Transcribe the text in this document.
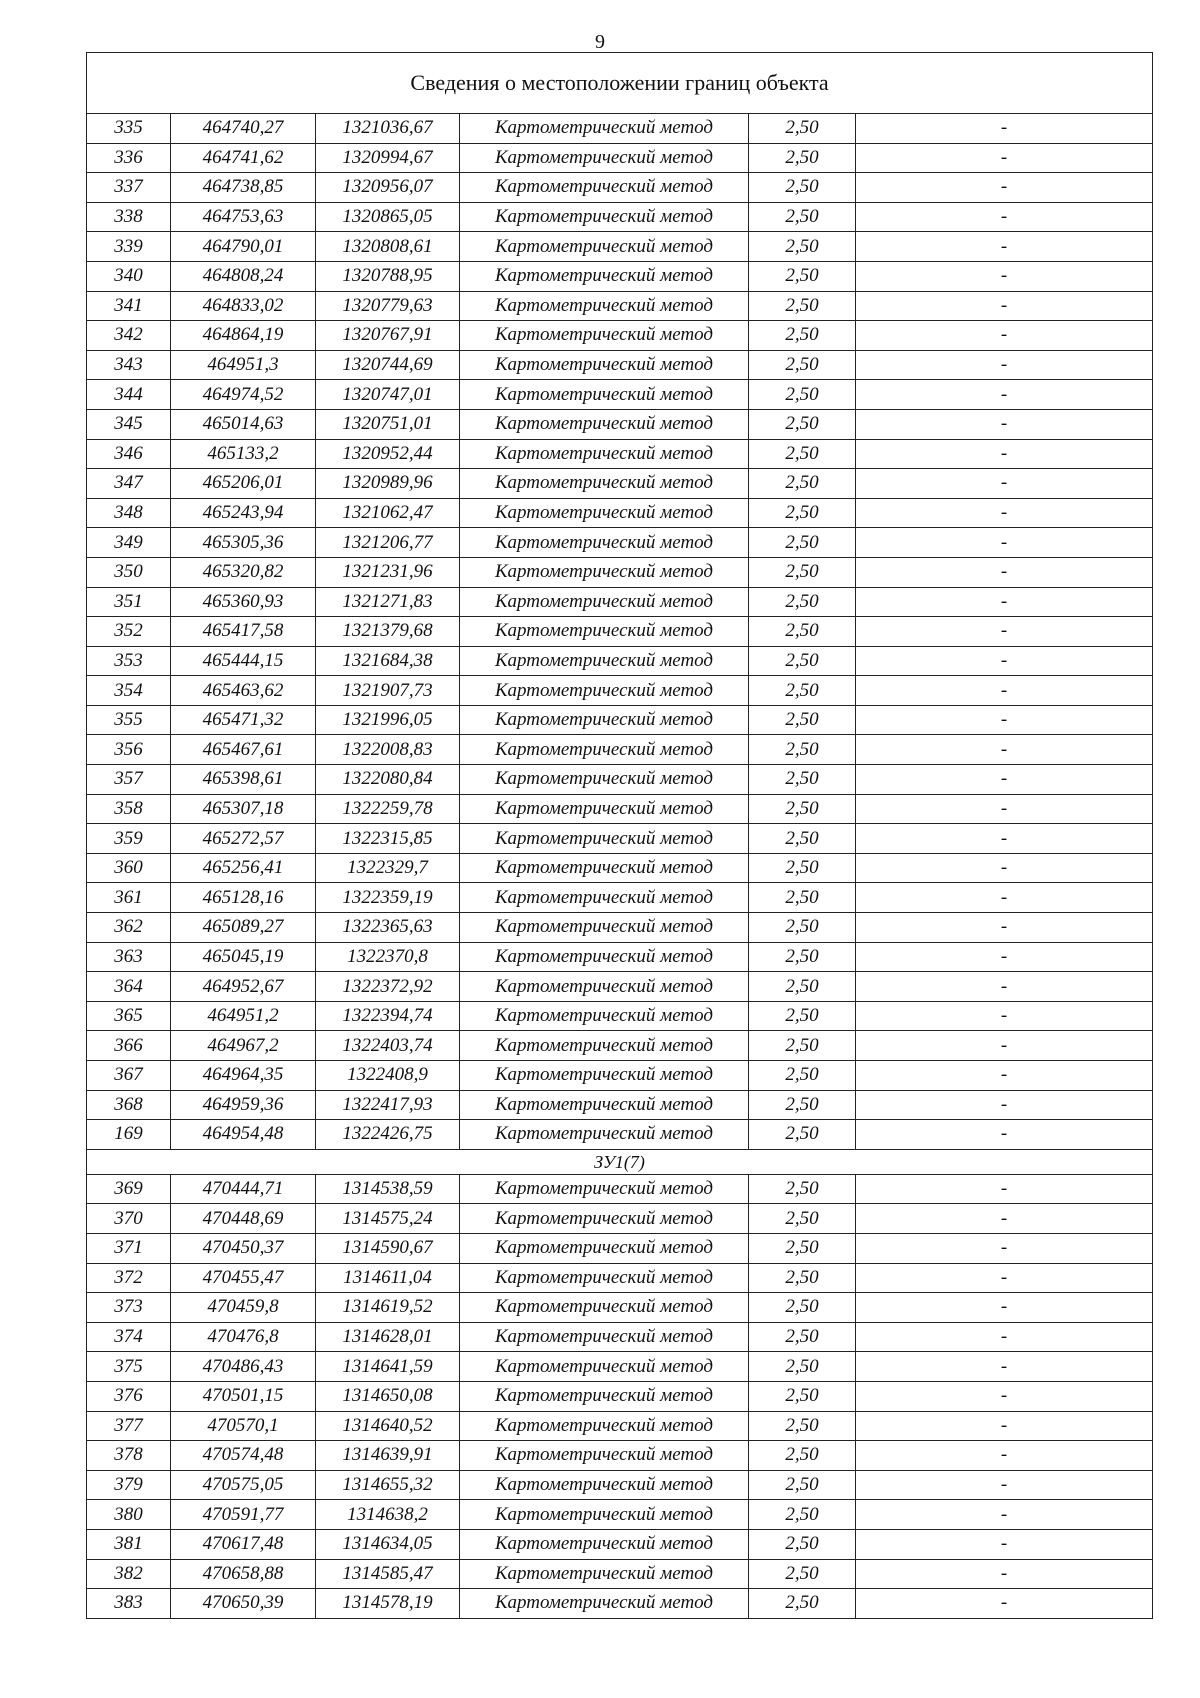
9
Сведения о местоположении границ объекта					
335	464740,27	1321036,67	Картометрический метод	2,50	-
336	464741,62	1320994,67	Картометрический метод	2,50	-
337	464738,85	1320956,07	Картометрический метод	2,50	-
338	464753,63	1320865,05	Картометрический метод	2,50	-
339	464790,01	1320808,61	Картометрический метод	2,50	-
340	464808,24	1320788,95	Картометрический метод	2,50	-
341	464833,02	1320779,63	Картометрический метод	2,50	-
342	464864,19	1320767,91	Картометрический метод	2,50	-
343	464951,3	1320744,69	Картометрический метод	2,50	-
344	464974,52	1320747,01	Картометрический метод	2,50	-
345	465014,63	1320751,01	Картометрический метод	2,50	-
346	465133,2	1320952,44	Картометрический метод	2,50	-
347	465206,01	1320989,96	Картометрический метод	2,50	-
348	465243,94	1321062,47	Картометрический метод	2,50	-
349	465305,36	1321206,77	Картометрический метод	2,50	-
350	465320,82	1321231,96	Картометрический метод	2,50	-
351	465360,93	1321271,83	Картометрический метод	2,50	-
352	465417,58	1321379,68	Картометрический метод	2,50	-
353	465444,15	1321684,38	Картометрический метод	2,50	-
354	465463,62	1321907,73	Картометрический метод	2,50	-
355	465471,32	1321996,05	Картометрический метод	2,50	-
356	465467,61	1322008,83	Картометрический метод	2,50	-
357	465398,61	1322080,84	Картометрический метод	2,50	-
358	465307,18	1322259,78	Картометрический метод	2,50	-
359	465272,57	1322315,85	Картометрический метод	2,50	-
360	465256,41	1322329,7	Картометрический метод	2,50	-
361	465128,16	1322359,19	Картометрический метод	2,50	-
362	465089,27	1322365,63	Картометрический метод	2,50	-
363	465045,19	1322370,8	Картометрический метод	2,50	-
364	464952,67	1322372,92	Картометрический метод	2,50	-
365	464951,2	1322394,74	Картометрический метод	2,50	-
366	464967,2	1322403,74	Картометрический метод	2,50	-
367	464964,35	1322408,9	Картометрический метод	2,50	-
368	464959,36	1322417,93	Картометрический метод	2,50	-
169	464954,48	1322426,75	Картометрический метод	2,50	-
ЗУ1(7)					
369	470444,71	1314538,59	Картометрический метод	2,50	-
370	470448,69	1314575,24	Картометрический метод	2,50	-
371	470450,37	1314590,67	Картометрический метод	2,50	-
372	470455,47	1314611,04	Картометрический метод	2,50	-
373	470459,8	1314619,52	Картометрический метод	2,50	-
374	470476,8	1314628,01	Картометрический метод	2,50	-
375	470486,43	1314641,59	Картометрический метод	2,50	-
376	470501,15	1314650,08	Картометрический метод	2,50	-
377	470570,1	1314640,52	Картометрический метод	2,50	-
378	470574,48	1314639,91	Картометрический метод	2,50	-
379	470575,05	1314655,32	Картометрический метод	2,50	-
380	470591,77	1314638,2	Картометрический метод	2,50	-
381	470617,48	1314634,05	Картометрический метод	2,50	-
382	470658,88	1314585,47	Картометрический метод	2,50	-
383	470650,39	1314578,19	Картометрический метод	2,50	-
